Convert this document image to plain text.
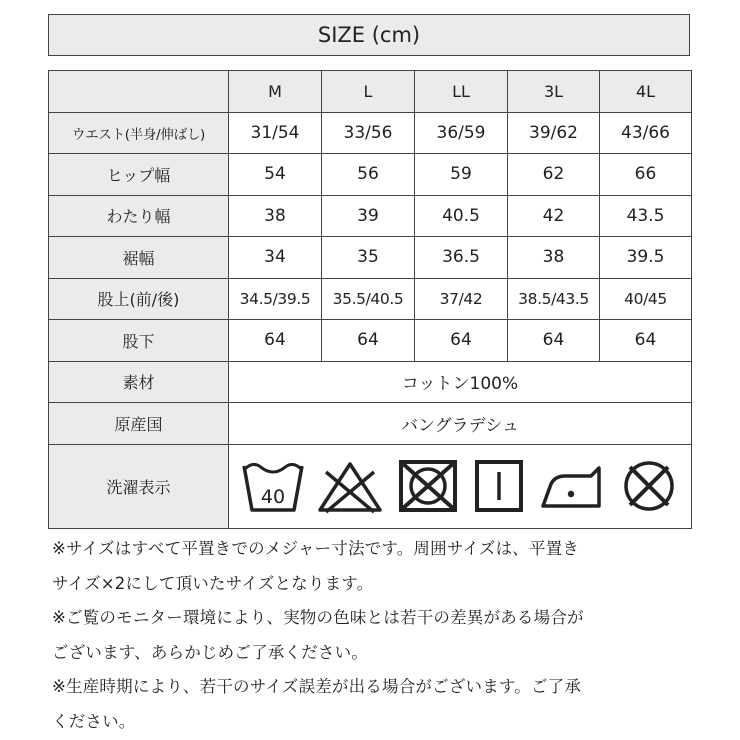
SIZE (cm)
	M	L	LL	3L	4L
ウエスト(半身/伸ばし)	31/54	33/56	36/59	39/62	43/66
ヒップ幅	54	56	59	62	66
わたり幅	38	39	40.5	42	43.5
裾幅	34	35	36.5	38	39.5
股上(前/後)	34.5/39.5	35.5/40.5	37/42	38.5/43.5	40/45
股下	64	64	64	64	64
素材	コットン100%				
原産国	バングラデシュ				
洗濯表示	40				

※サイズはすべて平置きでのメジャー寸法です。周囲サイズは、平置き

サイズ×2にして頂いたサイズとなります。

※ご覧のモニター環境により、実物の色味とは若干の差異がある場合が

ございます、あらかじめご了承ください。

※生産時期により、若干のサイズ誤差が出る場合がございます。ご了承

ください。
